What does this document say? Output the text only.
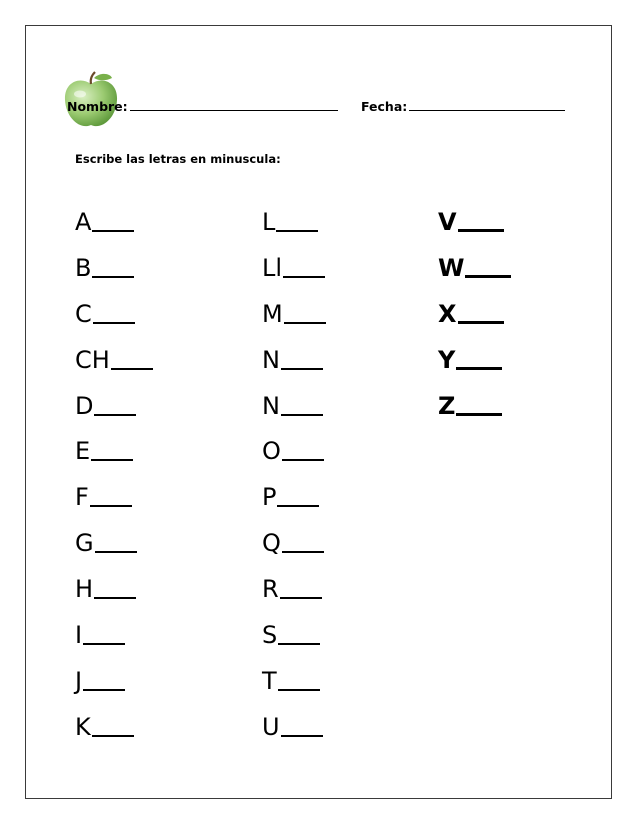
Nombre:	Fecha:
Escribe las letras en minuscula:
A
B
C
CH
D
E
F
G
H
I
J
K
L
Ll
M
N
N
O
P
Q
R
S
T
U
V
W
X
Y
Z
